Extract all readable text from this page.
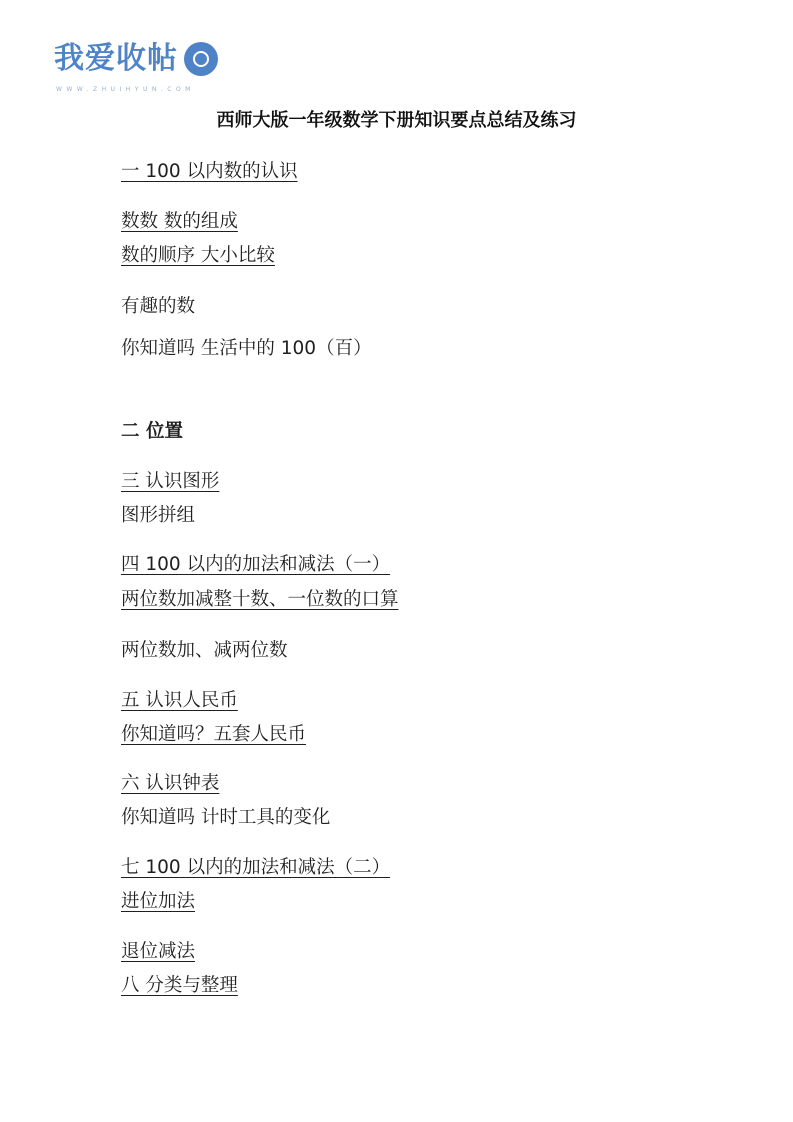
我爱收帖
WWW.ZHUIHYUN.COM
西师大版一年级数学下册知识要点总结及练习
一 100 以内数的认识
数数 数的组成
数的顺序 大小比较
有趣的数
你知道吗 生活中的 100（百）
二 位置
三 认识图形
图形拼组
四 100 以内的加法和减法（一）
两位数加减整十数、一位数的口算
两位数加、减两位数
五 认识人民币
你知道吗？五套人民币
六 认识钟表
你知道吗 计时工具的变化
七 100 以内的加法和减法（二）
进位加法
退位减法
八 分类与整理
